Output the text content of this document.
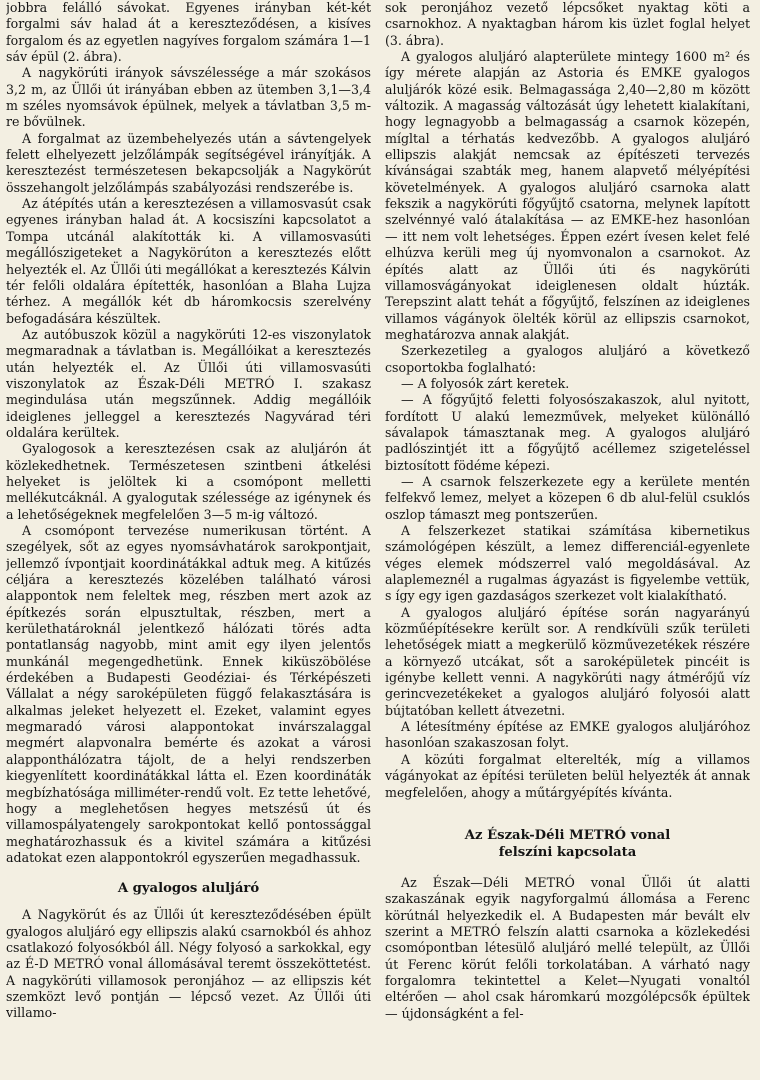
jobbra felálló sávokat. Egyenes irányban két-két forgalmi sáv halad át a kereszteződésen, a kisíves forgalom és az egyetlen nagyíves forgalom számára 1—1 sáv épül (2. ábra).

A nagykörúti irányok sávszélessége a már szokásos 3,2 m, az Üllői út irányában ebben az ütemben 3,1—3,4 m széles nyomsávok épülnek, melyek a távlatban 3,5 m-re bővülnek.

A forgalmat az üzembehelyezés után a sávtengelyek felett elhelyezett jelzőlámpák segítségével irányítják. A keresztezést természetesen bekapcsolják a Nagykörút összehangolt jelzőlámpás szabályozási rendszerébe is.

Az átépítés után a keresztezésen a villamosvasút csak egyenes irányban halad át. A kocsiszíni kapcsolatot a Tompa utcánál alakították ki. A villamosvasúti megállószigeteket a Nagykörúton a keresztezés előtt helyezték el. Az Üllői úti megállókat a keresztezés Kálvin tér felőli oldalára építették, hasonlóan a Blaha Lujza térhez. A megállók két db háromkocsis szerelvény befogadására készültek.

Az autóbuszok közül a nagykörúti 12-es viszonylatok megmaradnak a távlatban is. Megállóikat a keresztezés után helyezték el. Az Üllői úti villamosvasúti viszonylatok az Észak-Déli METRÓ I. szakasz megindulása után megszűnnek. Addig megállóik ideiglenes jelleggel a keresztezés Nagyvárad téri oldalára kerültek.

Gyalogosok a keresztezésen csak az aluljárón át közlekedhetnek. Természetesen szintbeni átkelési helyeket is jelöltek ki a csomópont melletti mellékutcáknál. A gyalogutak szélessége az igénynek és a lehetőségeknek megfelelően 3—5 m-ig változó.

A csomópont tervezése numerikusan történt. A szegélyek, sőt az egyes nyomsávhatárok sarokpontjait, jellemző ívpontjait koordinátákkal adtuk meg. A kitűzés céljára a keresztezés közelében található városi alappontok nem feleltek meg, részben mert azok az építkezés során elpusztultak, részben, mert a kerülethatároknál jelentkező hálózati törés adta pontatlanság nagyobb, mint amit egy ilyen jelentős munkánál megengedhetünk. Ennek kiküszöbölése érdekében a Budapesti Geodéziai- és Térképészeti Vállalat a négy saroképületen függő felakasztására is alkalmas jeleket helyezett el. Ezeket, valamint egyes megmaradó városi alappontokat invárszalaggal megmért alapvonalra bemérte és azokat a városi alapponthálózatra tájolt, de a helyi rendszerben kiegyenlített koordinátákkal látta el. Ezen koordináták megbízhatósága milliméter-rendű volt. Ez tette lehetővé, hogy a meglehetősen hegyes metszésű út és villamospályatengely sarokpontokat kellő pontossággal meghatározhassuk és a kivitel számára a kitűzési adatokat ezen alappontokról egyszerűen megadhassuk.

A gyalogos aluljáró

A Nagykörút és az Üllői út kereszteződésében épült gyalogos aluljáró egy ellipszis alakú csarnokból és ahhoz csatlakozó folyosókból áll. Négy folyosó a sarkokkal, egy az É-D METRÓ vonal állomásával teremt összeköttetést. A nagykörúti villamosok peronjához — az ellipszis két szemközt levő pontján — lépcső vezet. Az Üllői úti villamo-

sok peronjához vezető lépcsőket nyaktag köti a csarnokhoz. A nyaktagban három kis üzlet foglal helyet (3. ábra).

A gyalogos aluljáró alapterülete mintegy 1600 m² és így mérete alapján az Astoria és EMKE gyalogos aluljárók közé esik. Belmagassága 2,40—2,80 m között változik. A magasság változását úgy lehetett kialakítani, hogy legnagyobb a belmagasság a csarnok közepén, mígltal a térhatás kedvezőbb. A gyalogos aluljáró ellipszis alakját nemcsak az építészeti tervezés kívánságai szabták meg, hanem alapvető mélyépítési követelmények. A gyalogos aluljáró csarnoka alatt fekszik a nagykörúti főgyűjtő csatorna, melynek lapított szelvénnyé való átalakítása — az EMKE-hez hasonlóan — itt nem volt lehetséges. Éppen ezért ívesen kelet felé elhúzva kerüli meg új nyomvonalon a csarnokot. Az építés alatt az Üllői úti és nagykörúti villamosvágányokat ideiglenesen oldalt húzták. Terepszint alatt tehát a főgyűjtő, felszínen az ideiglenes villamos vágányok ölelték körül az ellipszis csarnokot, meghatározva annak alakját.

Szerkezetileg a gyalogos aluljáró a következő csoportokba foglalható:

— A folyosók zárt keretek.

— A főgyűjtő feletti folyosószakaszok, alul nyitott, fordított U alakú lemezművek, melyeket különálló sávalapok támasztanak meg. A gyalogos aluljáró padlószintjét itt a főgyűjtő acéllemez szigeteléssel biztosított födéme képezi.

— A csarnok felszerkezete egy a kerülete mentén felfekvő lemez, melyet a közepen 6 db alul-felül csuklós oszlop támaszt meg pontszerűen.

A felszerkezet statikai számítása kibernetikus számológépen készült, a lemez differenciál-egyenlete véges elemek módszerrel való megoldásával. Az alaplemeznél a rugalmas ágyazást is figyelembe vettük, s így egy igen gazdaságos szerkezet volt kialakítható.

A gyalogos aluljáró építése során nagyarányú közműépítésekre került sor. A rendkívüli szűk területi lehetőségek miatt a megkerülő közművezetékek részére a környező utcákat, sőt a saroképületek pincéit is igénybe kellett venni. A nagykörúti nagy átmérőjű víz gerincvezetékeket a gyalogos aluljáró folyosói alatt bújtatóban kellett átvezetni.

A létesítmény építése az EMKE gyalogos aluljáróhoz hasonlóan szakaszosan folyt.

A közúti forgalmat elterelték, míg a villamos vágányokat az építési területen belül helyezték át annak megfelelően, ahogy a műtárgyépítés kívánta.

Az Észak-Déli METRÓ vonal
felszíni kapcsolata

Az Észak—Déli METRÓ vonal Üllői út alatti szakaszának egyik nagyforgalmú állomása a Ferenc körútnál helyezkedik el. A Budapesten már bevált elv szerint a METRÓ felszín alatti csarnoka a közlekedési csomópontban létesülő aluljáró mellé települt, az Üllői út Ferenc körút felőli torkolatában. A várható nagy forgalomra tekintettel a Kelet—Nyugati vonaltól eltérően — ahol csak háromkarú mozgólépcsők épültek — újdonságként a fel-
